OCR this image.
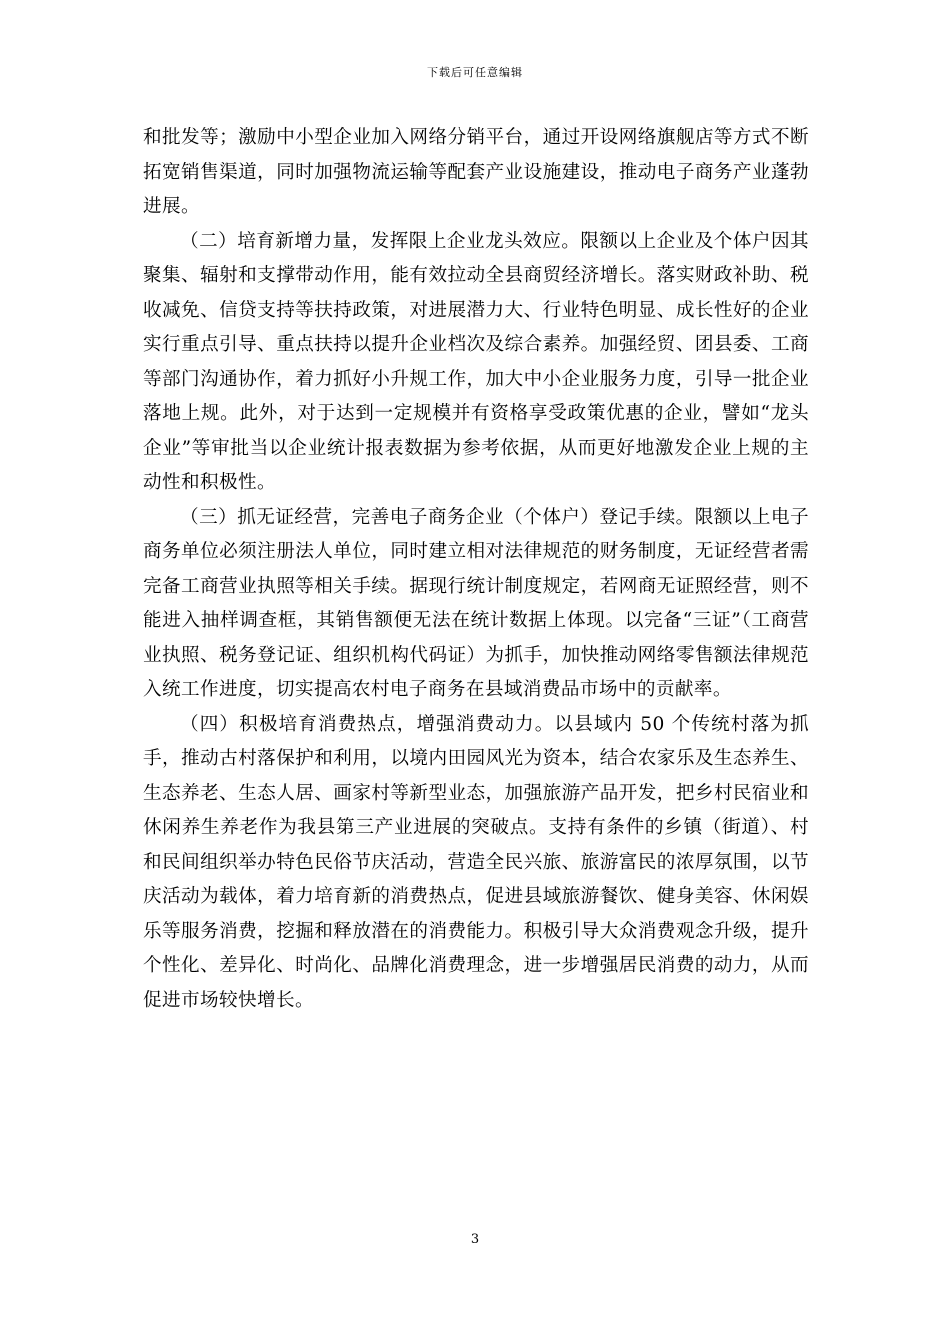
下载后可任意编辑

和批发等；激励中小型企业加入网络分销平台，通过开设网络旗舰店等方式不断拓宽销售渠道，同时加强物流运输等配套产业设施建设，推动电子商务产业蓬勃进展。

（二）培育新增力量，发挥限上企业龙头效应。限额以上企业及个体户因其聚集、辐射和支撑带动作用，能有效拉动全县商贸经济增长。落实财政补助、税收减免、信贷支持等扶持政策，对进展潜力大、行业特色明显、成长性好的企业实行重点引导、重点扶持以提升企业档次及综合素养。加强经贸、团县委、工商等部门沟通协作，着力抓好小升规工作，加大中小企业服务力度，引导一批企业落地上规。此外，对于达到一定规模并有资格享受政策优惠的企业，譬如“龙头企业”等审批当以企业统计报表数据为参考依据，从而更好地激发企业上规的主动性和积极性。

（三）抓无证经营，完善电子商务企业（个体户）登记手续。限额以上电子商务单位必须注册法人单位，同时建立相对法律规范的财务制度，无证经营者需完备工商营业执照等相关手续。据现行统计制度规定，若网商无证照经营，则不能进入抽样调查框，其销售额便无法在统计数据上体现。以完备“三证”（工商营业执照、税务登记证、组织机构代码证）为抓手，加快推动网络零售额法律规范入统工作进度，切实提高农村电子商务在县域消费品市场中的贡献率。

（四）积极培育消费热点，增强消费动力。以县域内 50 个传统村落为抓手，推动古村落保护和利用，以境内田园风光为资本，结合农家乐及生态养生、生态养老、生态人居、画家村等新型业态，加强旅游产品开发，把乡村民宿业和休闲养生养老作为我县第三产业进展的突破点。支持有条件的乡镇（街道）、村和民间组织举办特色民俗节庆活动，营造全民兴旅、旅游富民的浓厚氛围，以节庆活动为载体，着力培育新的消费热点，促进县域旅游餐饮、健身美容、休闲娱乐等服务消费，挖掘和释放潜在的消费能力。积极引导大众消费观念升级，提升个性化、差异化、时尚化、品牌化消费理念，进一步增强居民消费的动力，从而促进市场较快增长。

3
